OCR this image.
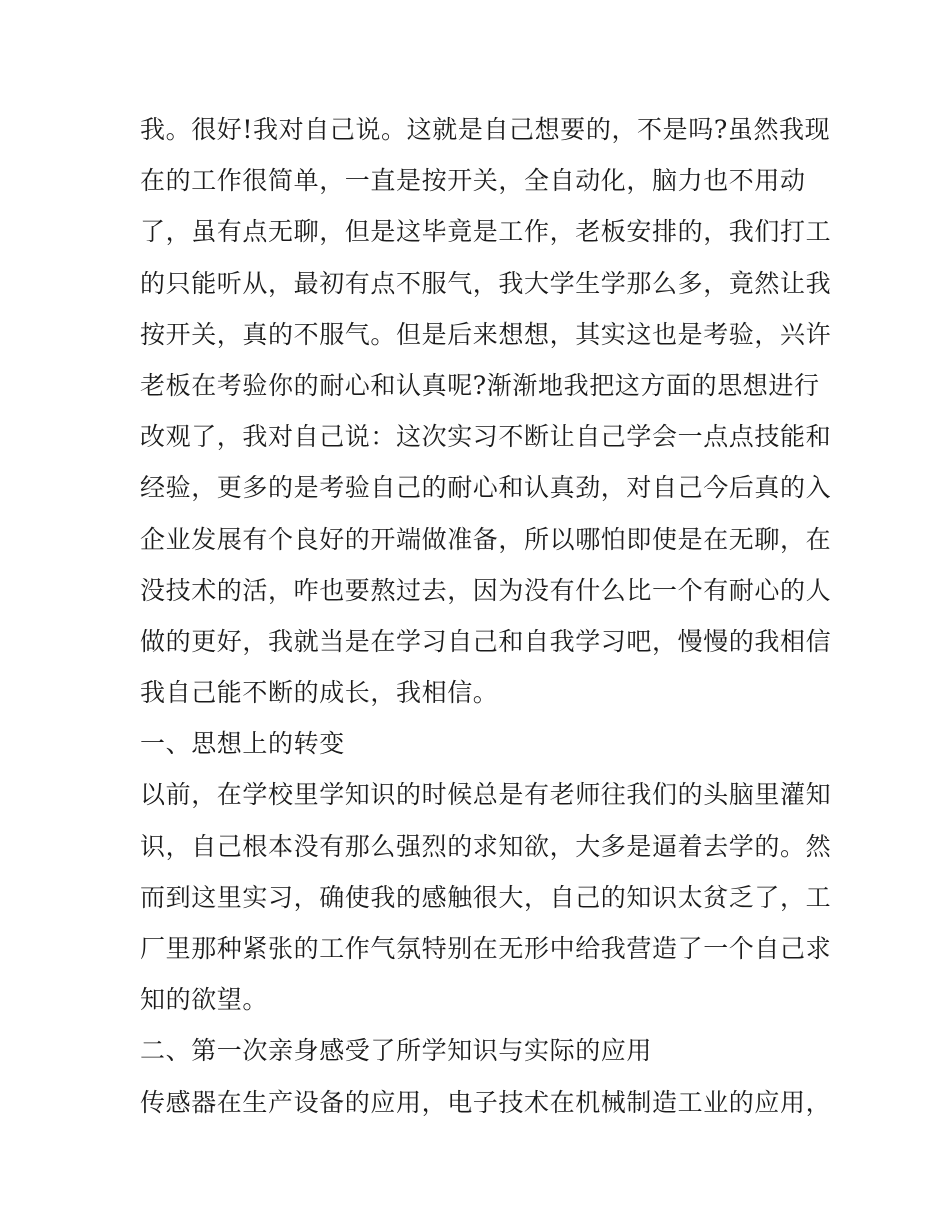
我。很好!我对自己说。这就是自己想要的，不是吗?虽然我现
在的工作很简单，一直是按开关，全自动化，脑力也不用动
了，虽有点无聊，但是这毕竟是工作，老板安排的，我们打工
的只能听从，最初有点不服气，我大学生学那么多，竟然让我
按开关，真的不服气。但是后来想想，其实这也是考验，兴许
老板在考验你的耐心和认真呢?渐渐地我把这方面的思想进行
改观了，我对自己说：这次实习不断让自己学会一点点技能和
经验，更多的是考验自己的耐心和认真劲，对自己今后真的入
企业发展有个良好的开端做准备，所以哪怕即使是在无聊，在
没技术的活，咋也要熬过去，因为没有什么比一个有耐心的人
做的更好，我就当是在学习自己和自我学习吧，慢慢的我相信
我自己能不断的成长，我相信。
一、思想上的转变
以前，在学校里学知识的时候总是有老师往我们的头脑里灌知
识，自己根本没有那么强烈的求知欲，大多是逼着去学的。然
而到这里实习，确使我的感触很大，自己的知识太贫乏了，工
厂里那种紧张的工作气氛特别在无形中给我营造了一个自己求
知的欲望。
二、第一次亲身感受了所学知识与实际的应用
传感器在生产设备的应用，电子技术在机械制造工业的应用，
